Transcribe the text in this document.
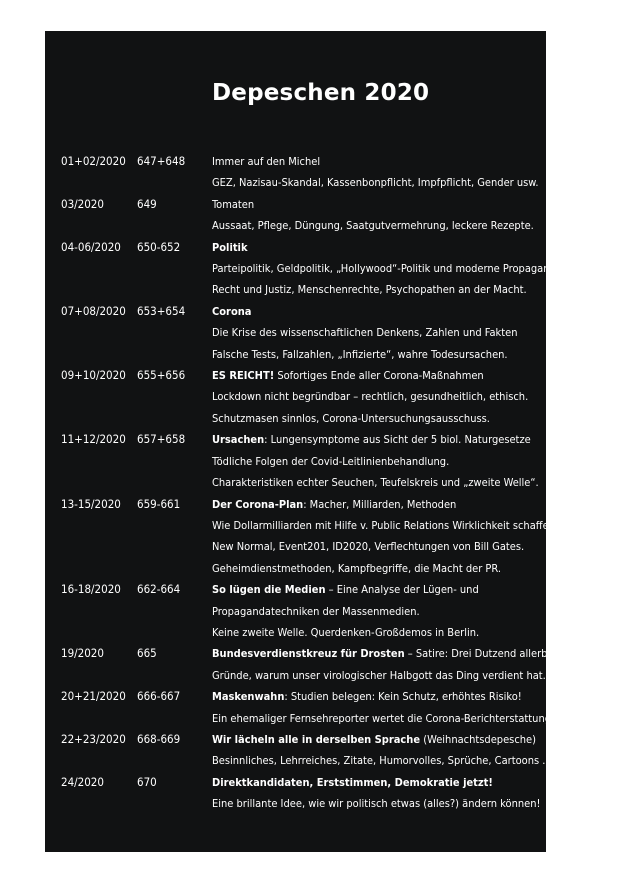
Depeschen 2020
01+02/2020 647+648	Immer auf den Michel
GEZ, Nazisau-Skandal, Kassenbonpflicht, Impfpflicht, Gender usw.
03/2020	649	Tomaten
Aussaat, Pflege, Düngung, Saatgutvermehrung, leckere Rezepte.
04-06/2020	650-652	Politik
Parteipolitik, Geldpolitik, „Hollywood“-Politik und moderne Propaganda,
Recht und Justiz, Menschenrechte, Psychopathen an der Macht.
07+08/2020 653+654	Corona
Die Krise des wissenschaftlichen Denkens, Zahlen und Fakten
Falsche Tests, Fallzahlen, „Infizierte“, wahre Todesursachen.
09+10/2020 655+656	ES REICHT! Sofortiges Ende aller Corona-Maßnahmen
Lockdown nicht begründbar – rechtlich, gesundheitlich, ethisch.
Schutzmasen sinnlos, Corona-Untersuchungsausschuss.
11+12/2020 657+658	Ursachen: Lungensymptome aus Sicht der 5 biol. Naturgesetze
Tödliche Folgen der Covid-Leitlinienbehandlung.
Charakteristiken echter Seuchen, Teufelskreis und „zweite Welle“.
13-15/2020	659-661	Der Corona-Plan: Macher, Milliarden, Methoden
Wie Dollarmilliarden mit Hilfe v. Public Relations Wirklichkeit schaffen.
New Normal, Event201, ID2020, Verflechtungen von Bill Gates.
Geheimdienstmethoden, Kampfbegriffe, die Macht der PR.
16-18/2020	662-664	So lügen die Medien – Eine Analyse der Lügen- und
Propagandatechniken der Massenmedien.
Keine zweite Welle. Querdenken-Großdemos in Berlin.
19/2020	665	Bundesverdienstkreuz für Drosten – Satire: Drei Dutzend allerbeste
Gründe, warum unser virologischer Halbgott das Ding verdient hat.
20+21/2020 666-667	Maskenwahn: Studien belegen: Kein Schutz, erhöhtes Risiko!
Ein ehemaliger Fernsehreporter wertet die Corona-Berichterstattung.
22+23/2020 668-669	Wir lächeln alle in derselben Sprache (Weihnachtsdepesche)
Besinnliches, Lehrreiches, Zitate, Humorvolles, Sprüche, Cartoons ...
24/2020	670	Direktkandidaten, Erststimmen, Demokratie jetzt!
Eine brillante Idee, wie wir politisch etwas (alles?) ändern können!
